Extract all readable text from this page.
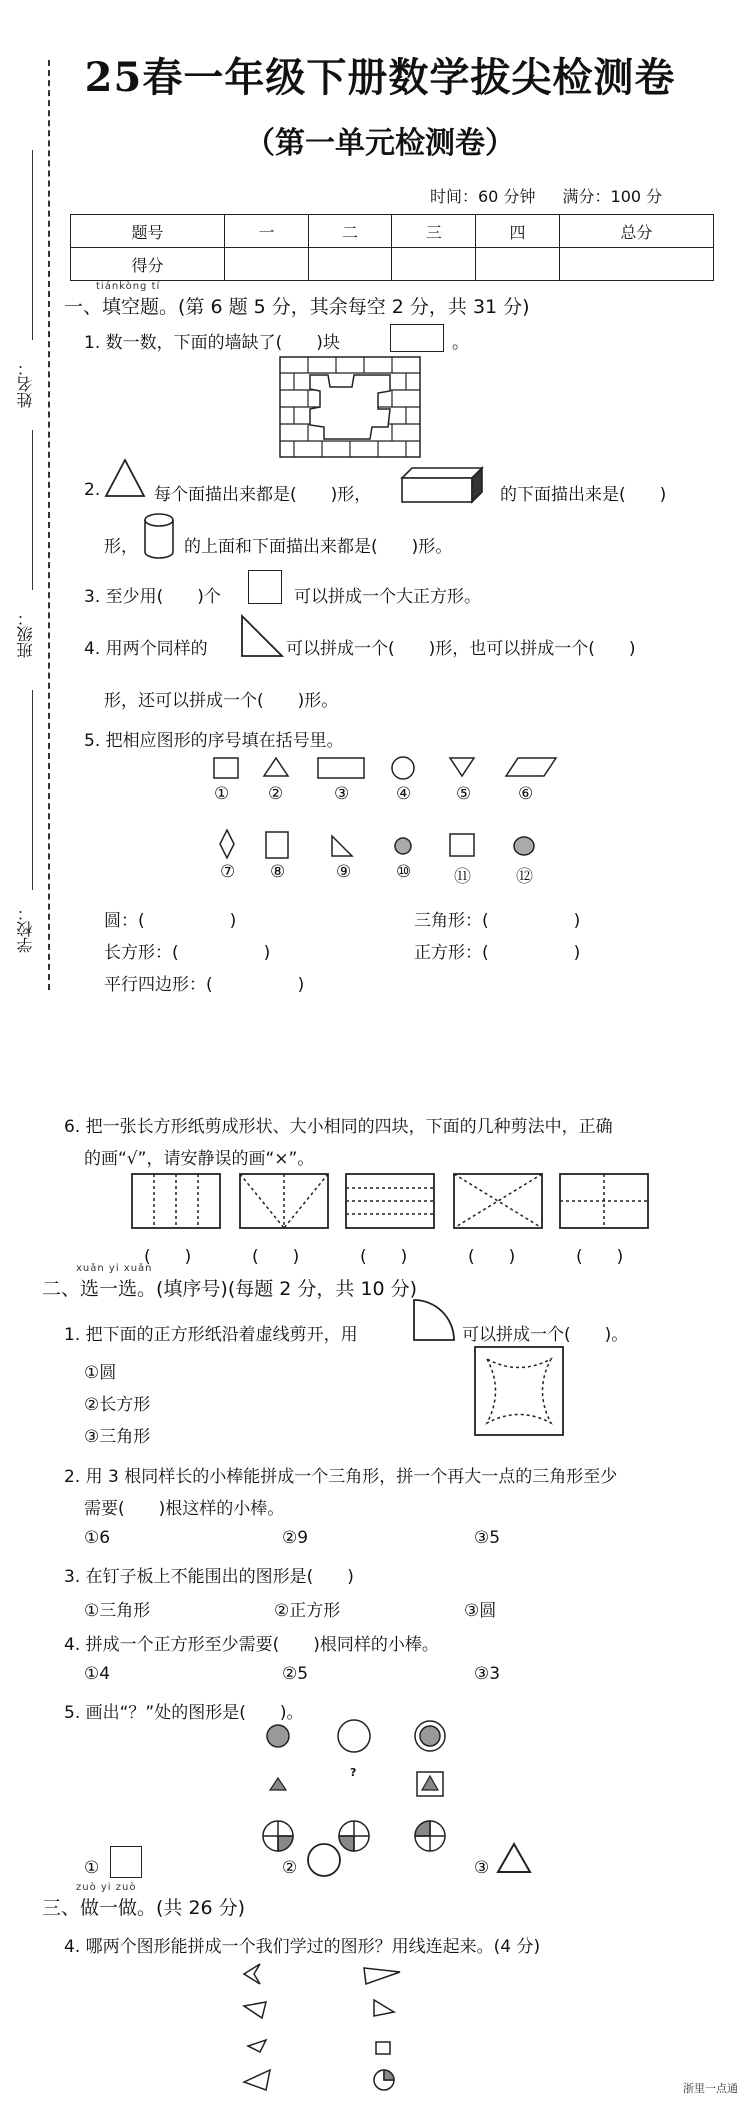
25春一年级下册数学拔尖检测卷
（第一单元检测卷）
时间：60 分钟 满分：100 分
题号	一	二	三	四	总分
得分					
姓名：
班级：
学校：
tiánkòng tí
一、填空题。(第 6 题 5 分，其余每空 2 分，共 31 分)
1. 数一数，下面的墙缺了(　　)块	。
2.	每个面描出来都是(　　)形，	的下面描出来是(　　)
形，	的上面和下面描出来都是(　　)形。
3. 至少用(　　)个	可以拼成一个大正方形。
4. 用两个同样的	可以拼成一个(　　)形，也可以拼成一个(　　)
形，还可以拼成一个(　　)形。
5. 把相应图形的序号填在括号里。
① ②	③	④	⑤	⑥
⑦ ⑧	⑨	⑩	⑪	⑫
圆：(　　　　　)	三角形：(　　　　　)
长方形：(　　　　　)	正方形：(　　　　　)
平行四边形：(　　　　　)
6. 把一张长方形纸剪成形状、大小相同的四块，下面的几种剪法中，正确
的画“√”，请安静误的画“×”。
(　　)	(　　)	(　　)	(　　)	(　　)
xuǎn yi xuǎn
二、选一选。(填序号)(每题 2 分，共 10 分)
1. 把下面的正方形纸沿着虚线剪开，用	可以拼成一个(　　)。
①圆
②长方形
③三角形
2. 用 3 根同样长的小棒能拼成一个三角形，拼一个再大一点的三角形至少
需要(　　)根这样的小棒。
①6	②9	③5
3. 在钉子板上不能围出的图形是(　　)
①三角形	②正方形	③圆
4. 拼成一个正方形至少需要(　　)根同样的小棒。
①4	②5	③3
5. 画出“？”处的图形是(　　)。
?
①	②	③
zuò yi zuò
三、做一做。(共 26 分)
4. 哪两个图形能拼成一个我们学过的图形？用线连起来。(4 分)
浙里一点通
